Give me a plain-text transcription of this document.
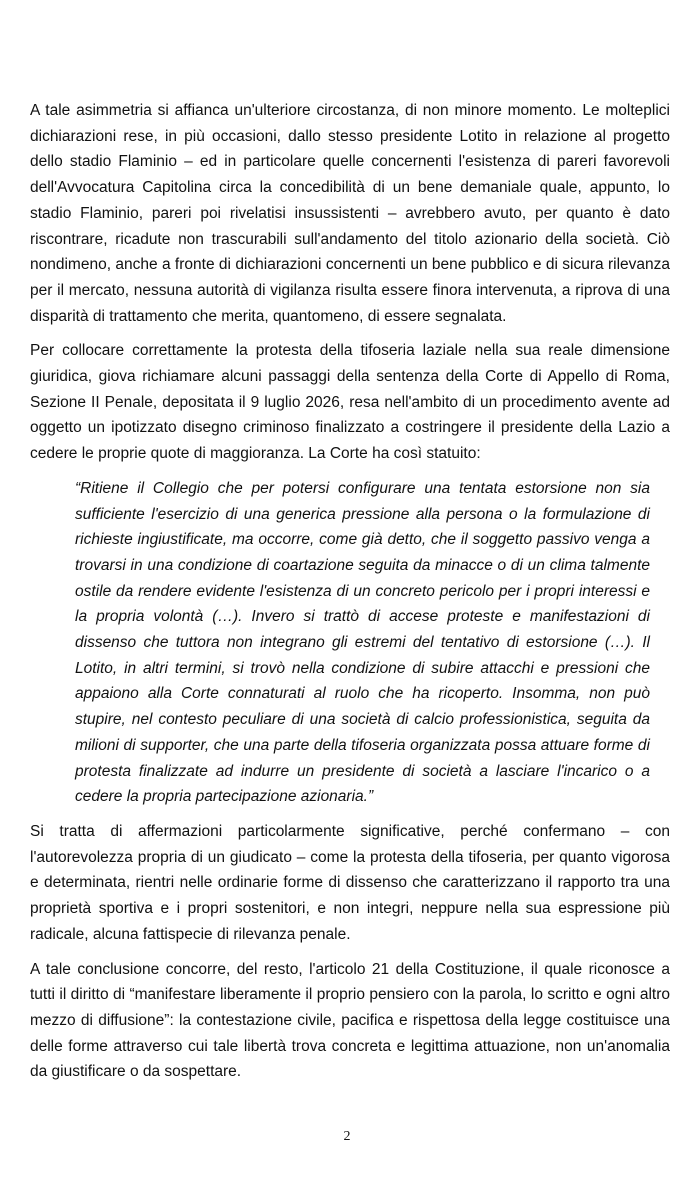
A tale asimmetria si affianca un'ulteriore circostanza, di non minore momento. Le molteplici dichiarazioni rese, in più occasioni, dallo stesso presidente Lotito in relazione al progetto dello stadio Flaminio – ed in particolare quelle concernenti l'esistenza di pareri favorevoli dell'Avvocatura Capitolina circa la concedibilità di un bene demaniale quale, appunto, lo stadio Flaminio, pareri poi rivelatisi insussistenti – avrebbero avuto, per quanto è dato riscontrare, ricadute non trascurabili sull'andamento del titolo azionario della società. Ciò nondimeno, anche a fronte di dichiarazioni concernenti un bene pubblico e di sicura rilevanza per il mercato, nessuna autorità di vigilanza risulta essere finora intervenuta, a riprova di una disparità di trattamento che merita, quantomeno, di essere segnalata.

Per collocare correttamente la protesta della tifoseria laziale nella sua reale dimensione giuridica, giova richiamare alcuni passaggi della sentenza della Corte di Appello di Roma, Sezione II Penale, depositata il 9 luglio 2026, resa nell'ambito di un procedimento avente ad oggetto un ipotizzato disegno criminoso finalizzato a costringere il presidente della Lazio a cedere le proprie quote di maggioranza. La Corte ha così statuito:

“Ritiene il Collegio che per potersi configurare una tentata estorsione non sia sufficiente l'esercizio di una generica pressione alla persona o la formulazione di richieste ingiustificate, ma occorre, come già detto, che il soggetto passivo venga a trovarsi in una condizione di coartazione seguita da minacce o di un clima talmente ostile da rendere evidente l'esistenza di un concreto pericolo per i propri interessi e la propria volontà (…). Invero si trattò di accese proteste e manifestazioni di dissenso che tuttora non integrano gli estremi del tentativo di estorsione (…). Il Lotito, in altri termini, si trovò nella condizione di subire attacchi e pressioni che appaiono alla Corte connaturati al ruolo che ha ricoperto. Insomma, non può stupire, nel contesto peculiare di una società di calcio professionistica, seguita da milioni di supporter, che una parte della tifoseria organizzata possa attuare forme di protesta finalizzate ad indurre un presidente di società a lasciare l'incarico o a cedere la propria partecipazione azionaria.”

Si tratta di affermazioni particolarmente significative, perché confermano – con l'autorevolezza propria di un giudicato – come la protesta della tifoseria, per quanto vigorosa e determinata, rientri nelle ordinarie forme di dissenso che caratterizzano il rapporto tra una proprietà sportiva e i propri sostenitori, e non integri, neppure nella sua espressione più radicale, alcuna fattispecie di rilevanza penale.

A tale conclusione concorre, del resto, l'articolo 21 della Costituzione, il quale riconosce a tutti il diritto di “manifestare liberamente il proprio pensiero con la parola, lo scritto e ogni altro mezzo di diffusione”: la contestazione civile, pacifica e rispettosa della legge costituisce una delle forme attraverso cui tale libertà trova concreta e legittima attuazione, non un'anomalia da giustificare o da sospettare.

2
